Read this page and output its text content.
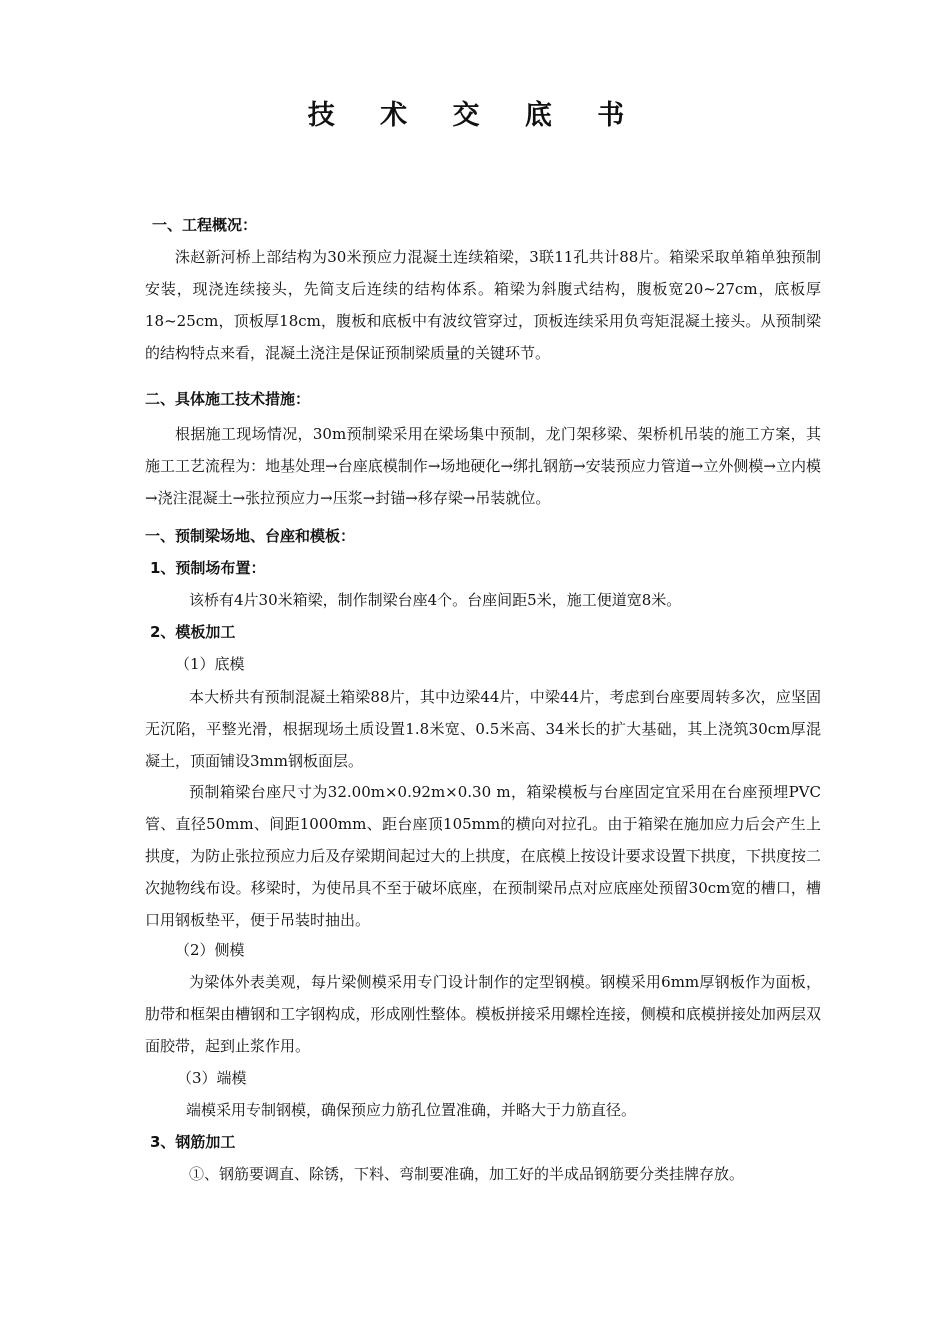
技 术 交 底 书
一、工程概况：
洙赵新河桥上部结构为30米预应力混凝土连续箱梁，3联11孔共计88片。箱梁采取单箱单独预制安装，现浇连续接头，先简支后连续的结构体系。箱梁为斜腹式结构，腹板宽20~27cm，底板厚18~25cm，顶板厚18cm，腹板和底板中有波纹管穿过，顶板连续采用负弯矩混凝土接头。从预制梁的结构特点来看，混凝土浇注是保证预制梁质量的关键环节。
二、具体施工技术措施：
根据施工现场情况，30m预制梁采用在梁场集中预制，龙门架移梁、架桥机吊装的施工方案，其施工工艺流程为：地基处理→台座底模制作→场地硬化→绑扎钢筋→安装预应力管道→立外侧模→立内模→浇注混凝土→张拉预应力→压浆→封锚→移存梁→吊装就位。
一、预制梁场地、台座和模板：
1、预制场布置：
该桥有4片30米箱梁，制作制梁台座4个。台座间距5米，施工便道宽8米。
2、模板加工
（1）底模
本大桥共有预制混凝土箱梁88片，其中边梁44片，中梁44片，考虑到台座要周转多次，应坚固无沉陷，平整光滑，根据现场土质设置1.8米宽、0.5米高、34米长的扩大基础，其上浇筑30cm厚混凝土，顶面铺设3mm钢板面层。
预制箱梁台座尺寸为32.00m×0.92m×0.30 m，箱梁模板与台座固定宜采用在台座预埋PVC管、直径50mm、间距1000mm、距台座顶105mm的横向对拉孔。由于箱梁在施加应力后会产生上拱度，为防止张拉预应力后及存梁期间起过大的上拱度，在底模上按设计要求设置下拱度，下拱度按二次抛物线布设。移梁时，为使吊具不至于破坏底座，在预制梁吊点对应底座处预留30cm宽的槽口，槽口用钢板垫平，便于吊装时抽出。
（2）侧模
为梁体外表美观，每片梁侧模采用专门设计制作的定型钢模。钢模采用6mm厚钢板作为面板，肋带和框架由槽钢和工字钢构成，形成刚性整体。模板拼接采用螺栓连接，侧模和底模拼接处加两层双面胶带，起到止浆作用。
（3）端模
端模采用专制钢模，确保预应力筋孔位置准确，并略大于力筋直径。
3、钢筋加工
①、钢筋要调直、除锈，下料、弯制要准确，加工好的半成品钢筋要分类挂牌存放。
